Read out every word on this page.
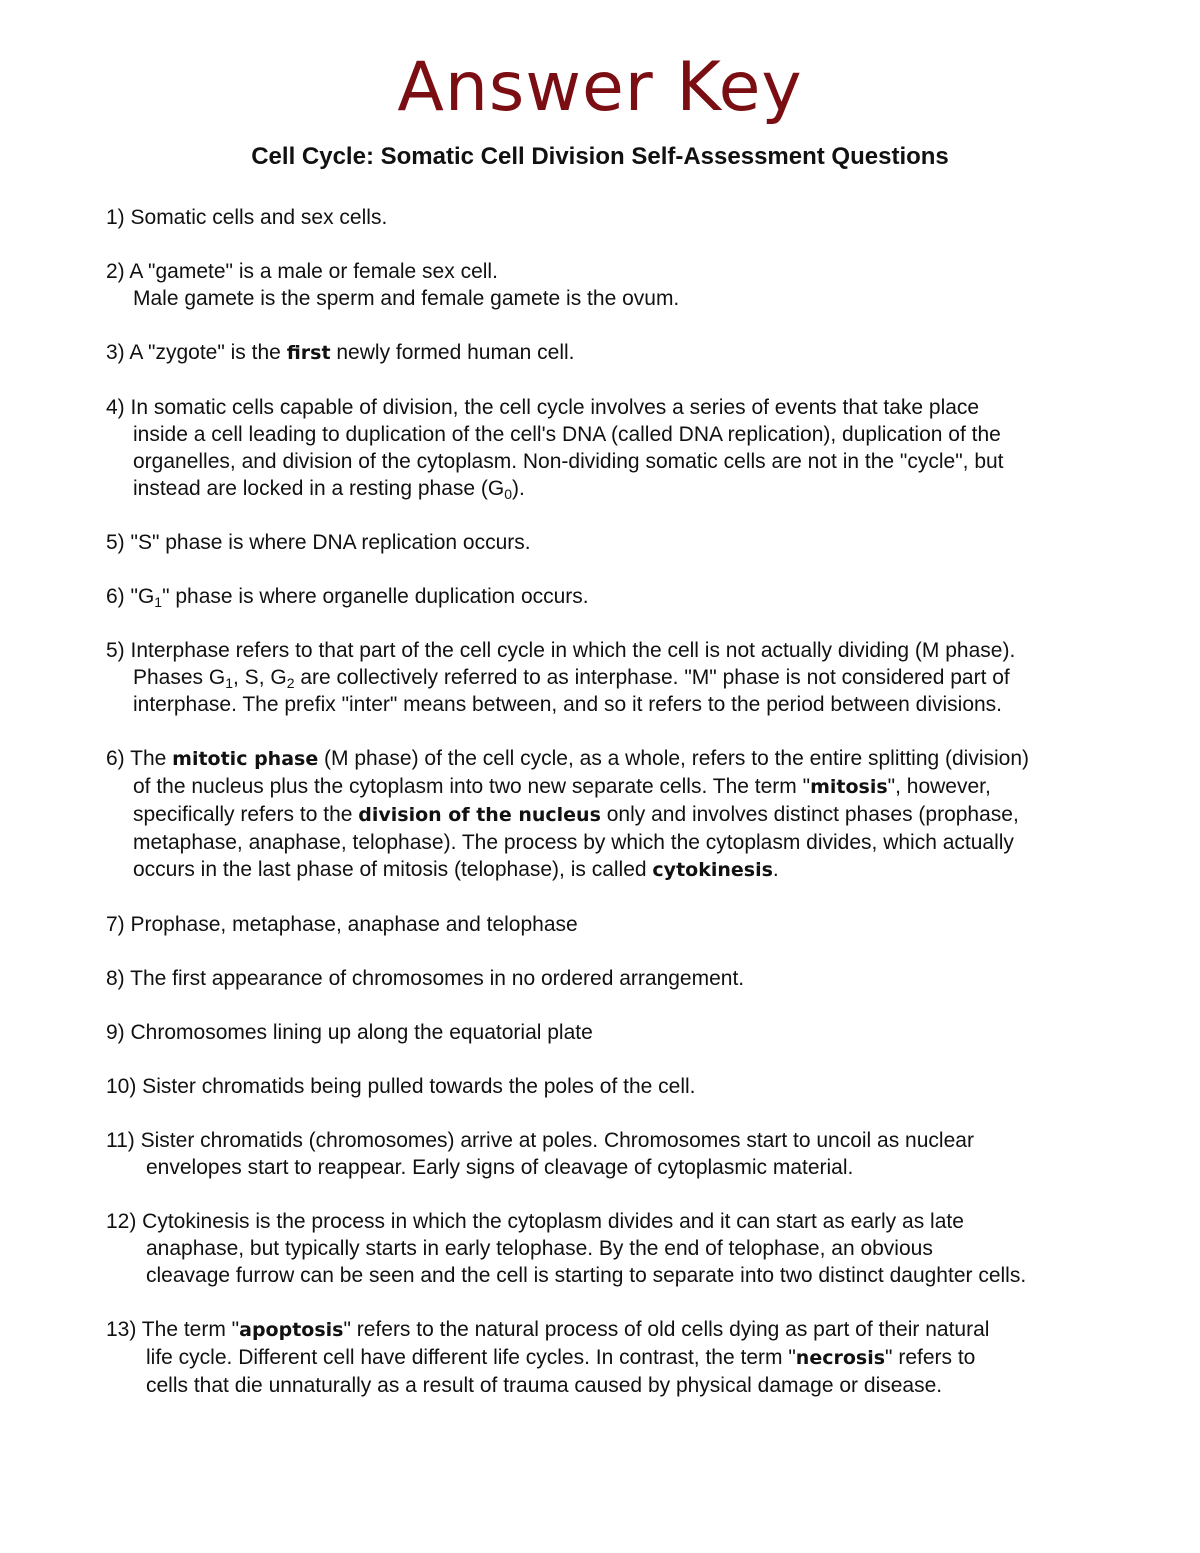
Answer Key
Cell Cycle: Somatic Cell Division Self-Assessment Questions
1) Somatic cells and sex cells.
2) A "gamete" is a male or female sex cell.
Male gamete is the sperm and female gamete is the ovum.
3) A "zygote" is the first newly formed human cell.
4) In somatic cells capable of division, the cell cycle involves a series of events that take place
inside a cell leading to duplication of the cell's DNA (called DNA replication), duplication of the
organelles, and division of the cytoplasm. Non-dividing somatic cells are not in the "cycle", but
instead are locked in a resting phase $(G_0)$.
5) "S" phase is where DNA replication occurs.
6) "$G_1$" phase is where organelle duplication occurs.
5) Interphase refers to that part of the cell cycle in which the cell is not actually dividing (M phase).
Phases $G_1$, S, $G_2$ are collectively referred to as interphase. "M" phase is not considered part of
interphase. The prefix "inter" means between, and so it refers to the period between divisions.
6) The mitotic phase (M phase) of the cell cycle, as a whole, refers to the entire splitting (division)
of the nucleus plus the cytoplasm into two new separate cells. The term "mitosis", however,
specifically refers to the division of the nucleus only and involves distinct phases (prophase,
metaphase, anaphase, telophase). The process by which the cytoplasm divides, which actually
occurs in the last phase of mitosis (telophase), is called cytokinesis.
7) Prophase, metaphase, anaphase and telophase
8) The first appearance of chromosomes in no ordered arrangement.
9) Chromosomes lining up along the equatorial plate
10) Sister chromatids being pulled towards the poles of the cell.
11) Sister chromatids (chromosomes) arrive at poles. Chromosomes start to uncoil as nuclear
envelopes start to reappear. Early signs of cleavage of cytoplasmic material.
12) Cytokinesis is the process in which the cytoplasm divides and it can start as early as late
anaphase, but typically starts in early telophase. By the end of telophase, an obvious
cleavage furrow can be seen and the cell is starting to separate into two distinct daughter cells.
13) The term "apoptosis" refers to the natural process of old cells dying as part of their natural
life cycle. Different cell have different life cycles. In contrast, the term "necrosis" refers to
cells that die unnaturally as a result of trauma caused by physical damage or disease.
